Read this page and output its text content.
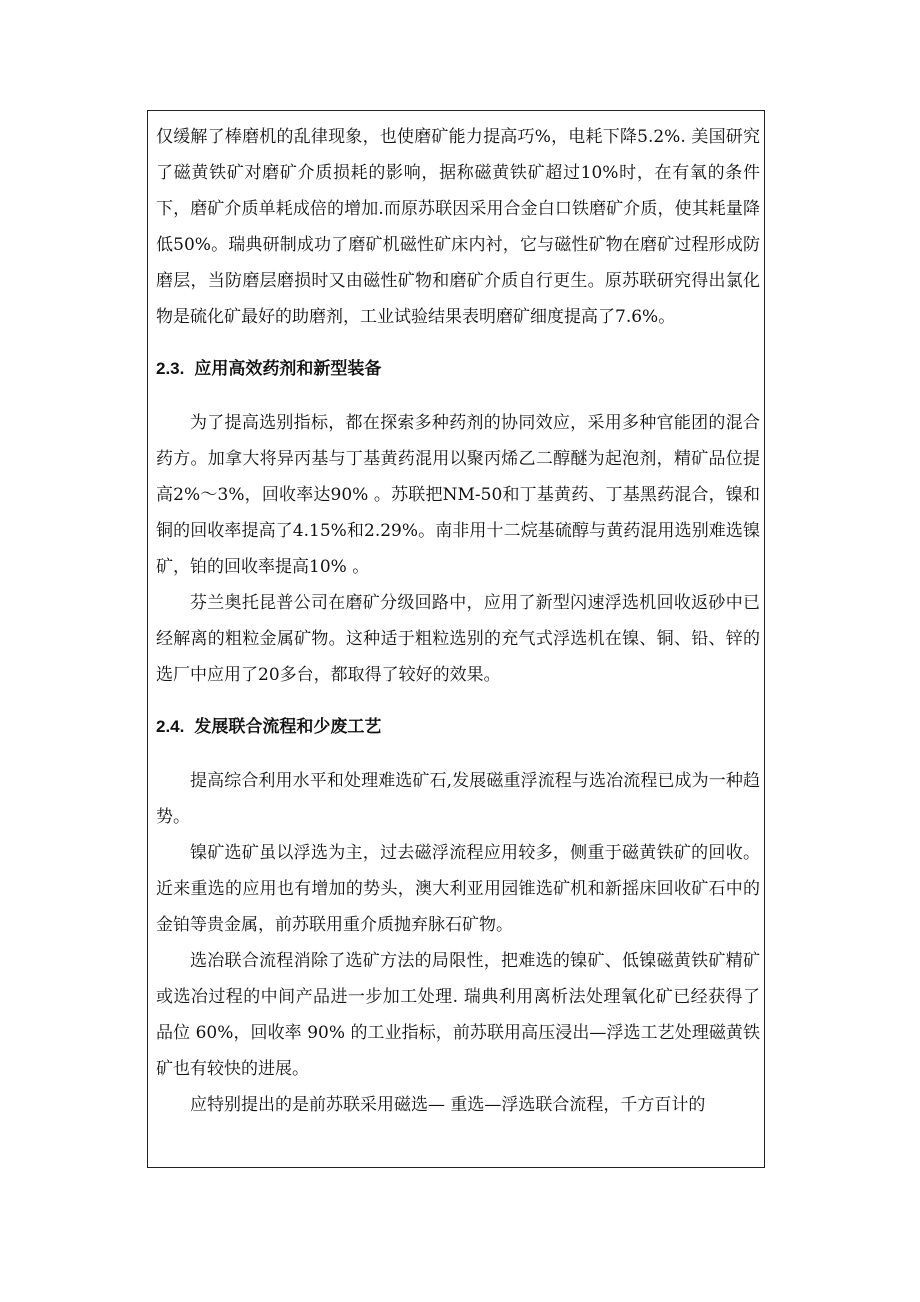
仅缓解了棒磨机的乱律现象，也使磨矿能力提高巧%，电耗下降5.2%. 美国研究了磁黄铁矿对磨矿介质损耗的影响，据称磁黄铁矿超过10%时，在有氧的条件下，磨矿介质单耗成倍的增加.而原苏联因采用合金白口铁磨矿介质，使其耗量降低50%。瑞典研制成功了磨矿机磁性矿床内衬，它与磁性矿物在磨矿过程形成防磨层，当防磨层磨损时又由磁性矿物和磨矿介质自行更生。原苏联研究得出氯化物是硫化矿最好的助磨剂，工业试验结果表明磨矿细度提高了7.6%。

2.3. 应用高效药剂和新型装备

为了提高选别指标，都在探索多种药剂的协同效应，采用多种官能团的混合药方。加拿大将异丙基与丁基黄药混用以聚丙烯乙二醇醚为起泡剂，精矿品位提高2%～3%，回收率达90% 。苏联把NM-50和丁基黄药、丁基黑药混合，镍和铜的回收率提高了4.15%和2.29%。南非用十二烷基硫醇与黄药混用选别难选镍矿，铂的回收率提高10% 。

芬兰奥托昆普公司在磨矿分级回路中，应用了新型闪速浮选机回收返砂中已经解离的粗粒金属矿物。这种适于粗粒选别的充气式浮选机在镍、铜、铅、锌的选厂中应用了20多台，都取得了较好的效果。

2.4. 发展联合流程和少废工艺

提高综合利用水平和处理难选矿石,发展磁重浮流程与选冶流程已成为一种趋势。

镍矿选矿虽以浮选为主，过去磁浮流程应用较多，侧重于磁黄铁矿的回收。近来重选的应用也有增加的势头，澳大利亚用园锥选矿机和新摇床回收矿石中的金铂等贵金属，前苏联用重介质抛弃脉石矿物。

选冶联合流程消除了选矿方法的局限性，把难选的镍矿、低镍磁黄铁矿精矿或选冶过程的中间产品进一步加工处理. 瑞典利用离析法处理氧化矿已经获得了品位 60%，回收率 90% 的工业指标，前苏联用高压浸出—浮选工艺处理磁黄铁矿也有较快的进展。

应特别提出的是前苏联采用磁选— 重选—浮选联合流程，千方百计的
